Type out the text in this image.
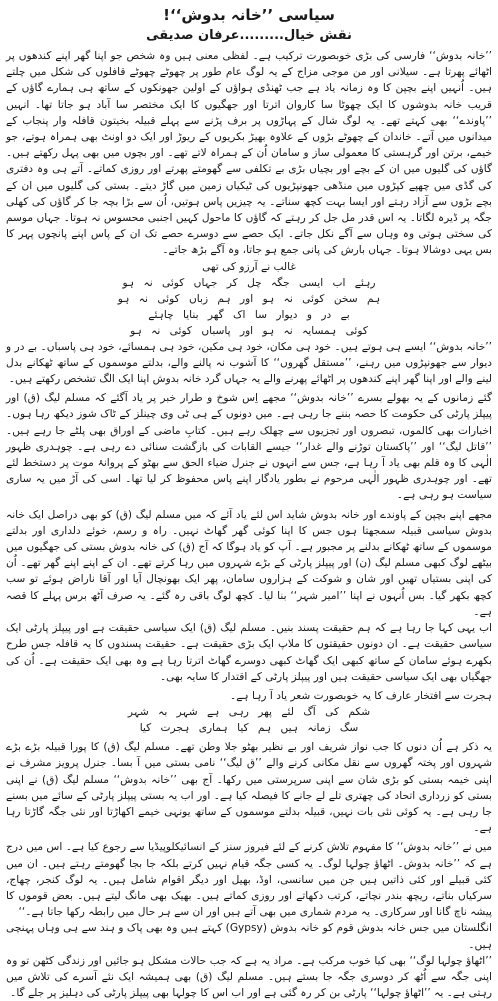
سیاسی ’’خانہ بدوش‘‘!
نقش خیال.........عرفان صدیقی

’’خانہ بدوش‘‘ فارسی کی بڑی خوبصورت ترکیب ہے۔ لفظی معنی ہیں وہ شخص جو اپنا گھر اپنے کندھوں پر اٹھائے پھرتا ہے۔ سیلانی اور من موجی مزاج کے یہ لوگ عام طور پر چھوٹے چھوٹے قافلوں کی شکل میں چلتے ہیں۔ اُنہیں اپنے بچپن کا وہ زمانہ یاد ہے جب ٹھنڈی ہواؤں کے اولین جھونکوں کے ساتھ ہی ہمارے گاؤں کے قریب خانہ بدوشوں کا ایک چھوٹا سا کاروان اترتا اور جھگیوں کا ایک مختصر سا آباد ہو جاتا تھا۔ انہیں ’’پاوندے‘‘ بھی کہتے تھے۔ یہ لوگ شال کے پہاڑوں پر برف پڑنے سے پہلے قبیلہ بخیتون قافلہ وار پنجاب کے میدانوں میں آتے۔ خاندان کے چھوٹے بڑوں کے علاوہ بھیڑ بکریوں کے ریوڑ اور ایک دو اونٹ بھی ہمراہ ہوتے، جو خیمے، برتن اور گرہستی کا معمولی ساز و سامان اُن کے ہمراہ لاتے تھے۔ اور بچوں میں بھی پہل رکھتے ہیں۔ گاؤں کی گلیوں میں ان کے بچے اور بچیاں بڑی بے تکلفی سے گھومتے پھرتے اور روزی کماتے۔ آتے ہی وہ دفتری کی گڈی میں چھپے کپڑوں میں منڈھی جھونپڑیوں کی ٹیکیاں زمین میں گاڑ دیتے۔ بستی کی گلیوں میں ان کے بچے بڑوں سے آزاد رہتے اور ایسا بہت کچھ سناتے۔ یہ چیزیں پاس ہوتیں، اُن سے بڑا بچہ جا کر گاؤں کی کھلی جگہ پر ڈیرہ لگاتا۔ یہ اس قدر مل جل کر رہتے کہ گاؤں کا ماحول کہیں اجنبی محسوس نہ ہوتا۔ جہاں موسم کی سختی ہوتی وہ وہاں سے آگے نکل جاتے۔ ایک حصے سے دوسرے حصے تک ان کے پاس اپنے پانچوں پہر کا بس یہی دوشالا ہوتا۔ جہاں بارش کی پانی جمع ہو جاتا، وہ آگے بڑھ جاتے۔

غالب نے آرزو کی تھی
رہئے اب ایسی جگہ چل کر جہاں کوئی نہ ہو
ہم سخن کوئی نہ ہو اور ہم زباں کوئی نہ ہو
بے در و دیوار سا اک گھر بنایا چاہئے
کوئی ہمسایہ نہ ہو اور پاسباں کوئی نہ ہو

’’خانہ بدوش‘‘ ایسے ہی ہوتے ہیں۔ خود ہی مکان، خود ہی مکین، خود ہی ہمسائے، خود ہی پاسباں۔ بے در و دیوار سے جھونپڑوں میں رہنے، ’’مستقل گھروں‘‘ کا آشوب نہ پالنے والے، بدلتے موسموں کے ساتھ ٹھکانے بدل لینے والے اور اپنا گھر اپنے کندھوں پر اٹھائے پھرنے والے یہ جہاں گرد خانہ بدوش اپنا ایک الگ تشخص رکھتے ہیں۔

گئے زمانوں کے یہ بھولے بسرے ’’خانہ بدوش‘‘ مجھے اِس شوخ و طرار خبر پر یاد آگئے کہ مسلم لیگ (ق) اور پیپلز پارٹی کی حکومت کا حصہ بننے جا رہی ہے۔ میں دونوں کے ہی ٹی وی چینلز کے ٹاک شوز دیکھ رہا ہوں۔ اخبارات بھی کالموں، تبصروں اور تجزیوں سے چھلک رہے ہیں۔ کتابِ ماضی کے اوراق بھی پلٹے جا رہے ہیں۔ ’’قاتل لیگ‘‘ اور ’’پاکستان توڑنے والے غدار‘‘ جیسے القابات کی بازگشت سنائی دے رہی ہے۔ چوہدری ظہور الٰہی کا وہ قلم بھی یاد آ رہا ہے، جس سے انہوں نے جنرل ضیاء الحق سے بھٹو کے پروانۂ موت پر دستخط لئے تھے۔ اور چوہدری ظہور الٰہی مرحوم نے بطور یادگار اپنے پاس محفوظ کر لیا تھا۔ اسی کی آڑ میں یہ ساری سیاست ہو رہی ہے۔

مجھے اپنے بچپن کے پاوندے اور خانہ بدوش شاید اس لئے یاد آئے کہ میں مسلم لیگ (ق) کو بھی دراصل ایک خانہ بدوش سیاسی قبیلہ سمجھتا ہوں جس کا اپنا کوئی گھر گھاٹ نہیں۔ راہ و رسم، خوئے دلداری اور بدلتے موسموں کے ساتھ ٹھکانے بدلنے پر مجبور ہے۔ آپ کو یاد ہوگا کہ آج (ق) کی خانہ بدوش بستی کی جھگیوں میں بیٹھے لوگ کبھی مسلم لیگ (ن) اور پیپلز پارٹی کے بڑے شہروں میں رہا کرتے تھے۔ ان کے اپنے اپنے گھر تھے۔ اُن کی اپنی بستیاں تھیں اور شان و شوکت کے ہزاروں سامان، پھر ایک بھونچال آیا اور آقا ناراض ہوئے تو سب کچھ بکھر گیا۔ بس اُنہوں نے اپنا ’’امیر شہر‘‘ بنا لیا۔ کچھ لوگ باقی رہ گئے۔ یہ صرف آٹھ برس پہلے کا قصہ ہے۔

اب یہی کہا جا رہا ہے کہ ہم حقیقت پسند بنیں۔ مسلم لیگ (ق) ایک سیاسی حقیقت ہے اور پیپلز پارٹی ایک سیاسی حقیقت ہے۔ ان دونوں حقیقتوں کا ملاپ ایک بڑی حقیقت ہے۔ حقیقت پسندوں کا یہ قافلہ جس طرح بکھرے ہوئے سامان کے ساتھ کبھی ایک گھاٹ کبھی دوسرے گھاٹ اترتا رہا ہے وہ بھی ایک حقیقت ہے۔ اُن کی جھگیاں بھی ایک سیاسی حقیقت ہیں اور پیپلز پارٹی کے اقتدار کا سایہ بھی۔

ہجرت سے افتخار عارف کا یہ خوبصورت شعر یاد آ رہا ہے۔

شکم کی آگ لئے پھر رہی ہے شہر بہ شہر
سگ زمانہ ہیں ہم کیا ہماری ہجرت کیا

یہ ذکر ہے اُن دنوں کا جب نواز شریف اور بے نظیر بھٹو جلا وطن تھے۔ مسلم لیگ (ق) کا پورا قبیلہ بڑے بڑے شہروں اور پختہ گھروں سے نقل مکانی کرنے والے ’’ق لیگ‘‘ نامی بستی میں آ بسا۔ جنرل پرویز مشرف نے اپنی خیمہ بستی کو بڑی شان سے اپنی سرپرستی میں رکھا۔ آج بھی ’’خانہ بدوش‘‘ مسلم لیگ (ق) نے اپنی بستی کو زرداری اتحاد کی چھتری تلے لے جانے کا فیصلہ کیا ہے۔ اور اب یہ بستی پیپلز پارٹی کے سائے میں بسنے جا رہی ہے۔ یہ کوئی نئی بات نہیں، قبیلہ بدلتے موسموں کے ساتھ یونہی خیمے اکھاڑتا اور نئی جگہ گاڑتا رہا ہے۔

میں نے ’’خانہ بدوش‘‘ کا مفہوم تلاش کرنے کے لئے فیروز سنز کے انسائیکلوپیڈیا سے رجوع کیا ہے۔ اس میں درج ہے کہ ’’خانہ بدوش۔ اٹھاؤ چولہا لوگ۔ یہ کسی جگہ قیام نہیں کرتے بلکہ جا بجا گھومتے رہتے ہیں۔ ان میں کئی قبیلے اور کئی ذاتیں ہیں جن میں سانسی، اوڈ، بھیل اور دیگر اقوام شامل ہیں۔ یہ لوگ کنجر، چھاج، سرکیاں بناتے، ریچھ بندر نچاتے، کرتب دکھاتے اور روزی کماتے ہیں۔ بھیک بھی مانگ لیتے ہیں۔ بعض قوموں کا پیشہ ناچ گانا اور سرکاری۔ یہ مردم شماری میں بھی آتے ہیں اور ان سے ہر حال میں رابطہ رکھا جاتا ہے۔‘‘

انگلستان میں جس خانہ بدوش قوم کو خانہ بدوش (Gypsy) کہتے ہیں وہ بھی پاک و ہند سے ہی وہاں پہنچی ہیں۔

’’اٹھاؤ چولہا لوگ‘‘ بھی کیا خوب مرکب ہے۔ مراد یہ ہے کہ جب حالات مشکل ہو جائیں اور زندگی کٹھن تو وہ اپنی جگہ سے اُٹھ کر دوسری جگہ جا بستے ہیں۔ مسلم لیگ (ق) بھی ہمیشہ ایک نئے آسرے کی تلاش میں رہتی ہے۔ یہ ’’اٹھاؤ چولہا‘‘ پارٹی بن کر رہ گئی ہے اور اب اس کا چولہا بھی پیپلز پارٹی کی دہلیز پر جلے گا۔
